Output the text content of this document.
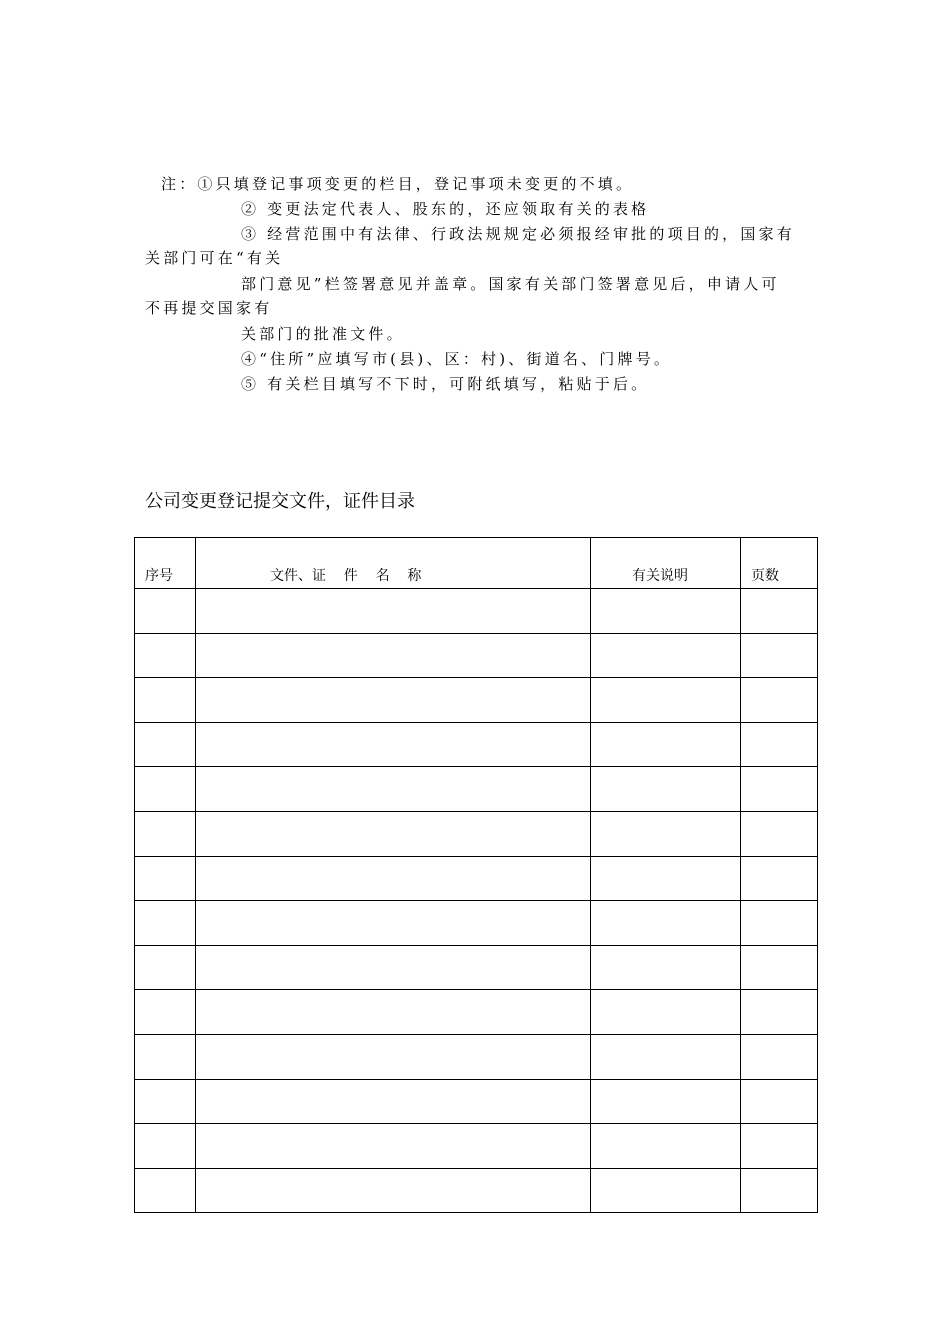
注：①只填登记事项变更的栏目，登记事项未变更的不填。
② 变更法定代表人、股东的，还应领取有关的表格
③ 经营范围中有法律、行政法规规定必须报经审批的项目的，国家有
关部门可在“有关
部门意见”栏签署意见并盖章。国家有关部门签署意见后，申请人可
不再提交国家有
关部门的批准文件。
④“住所”应填写市(县)、区：村)、街道名、门牌号。
⑤ 有关栏目填写不下时，可附纸填写，粘贴于后。
公司变更登记提交文件，证件目录
序号	文件、证    件    名    称	有关说明	页数
